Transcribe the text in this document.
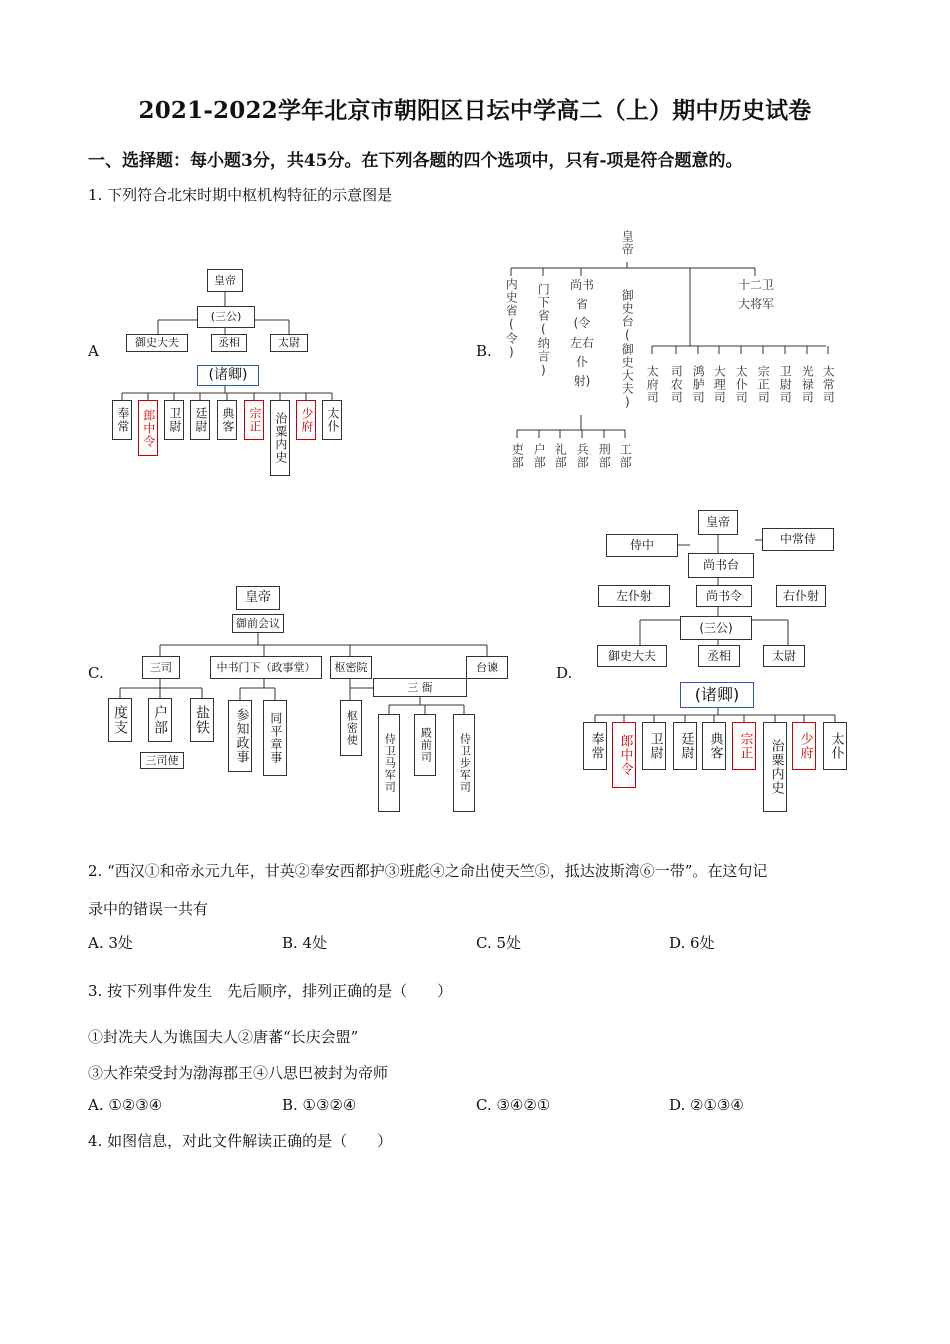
2021-2022学年北京市朝阳区日坛中学高二（上）期中历史试卷
一、选择题：每小题3分，共45分。在下列各题的四个选项中，只有-项是符合题意的。
1. 下列符合北宋时期中枢机构特征的示意图是
A	B.
C.	D.
皇帝
(三公)
御史大夫	丞相	太尉
(诸卿)
奉常	郎中令	卫尉	廷尉	典客	宗正	治粟内史	少府	太仆
皇帝
内史省(令) 门下省(纳言) 尚书省(令左右仆射)	御史台(御史大夫)
十二卫大将军
吏部 户部 礼部 兵部 刑部 工部
太府司 司农司 鸿胪司 大理司 太仆司 宗正司 卫尉司 光禄司 太常司
皇帝
御前会议
三司	中书门下（政事堂）	枢密院	台谏
度支 户部 盐铁
三司使	参知政事	同平章事	枢密使
三 衙
侍卫马军司	殿前司	侍卫步军司
皇帝
侍中	中常侍
尚书台
左仆射	尚书令	右仆射
(三公)
御史大夫	丞相	太尉
(诸卿)
奉常	郎中令	卫尉	廷尉	典客	宗正	治粟内史	少府	太仆
2. “西汉①和帝永元九年，甘英②奉安西都护③班彪④之命出使天竺⑤，抵达波斯湾⑥一带”。在这句记
录中的错误一共有
A. 3处	B. 4处	C. 5处	D. 6处
3. 按下列事件发生　先后顺序，排列正确的是（　　）
①封冼夫人为谯国夫人②唐蕃“长庆会盟”
③大祚荣受封为渤海郡王④八思巴被封为帝师
A. ①②③④	B. ①③②④	C. ③④②①	D. ②①③④
4. 如图信息，对此文件解读正确的是（　　）
